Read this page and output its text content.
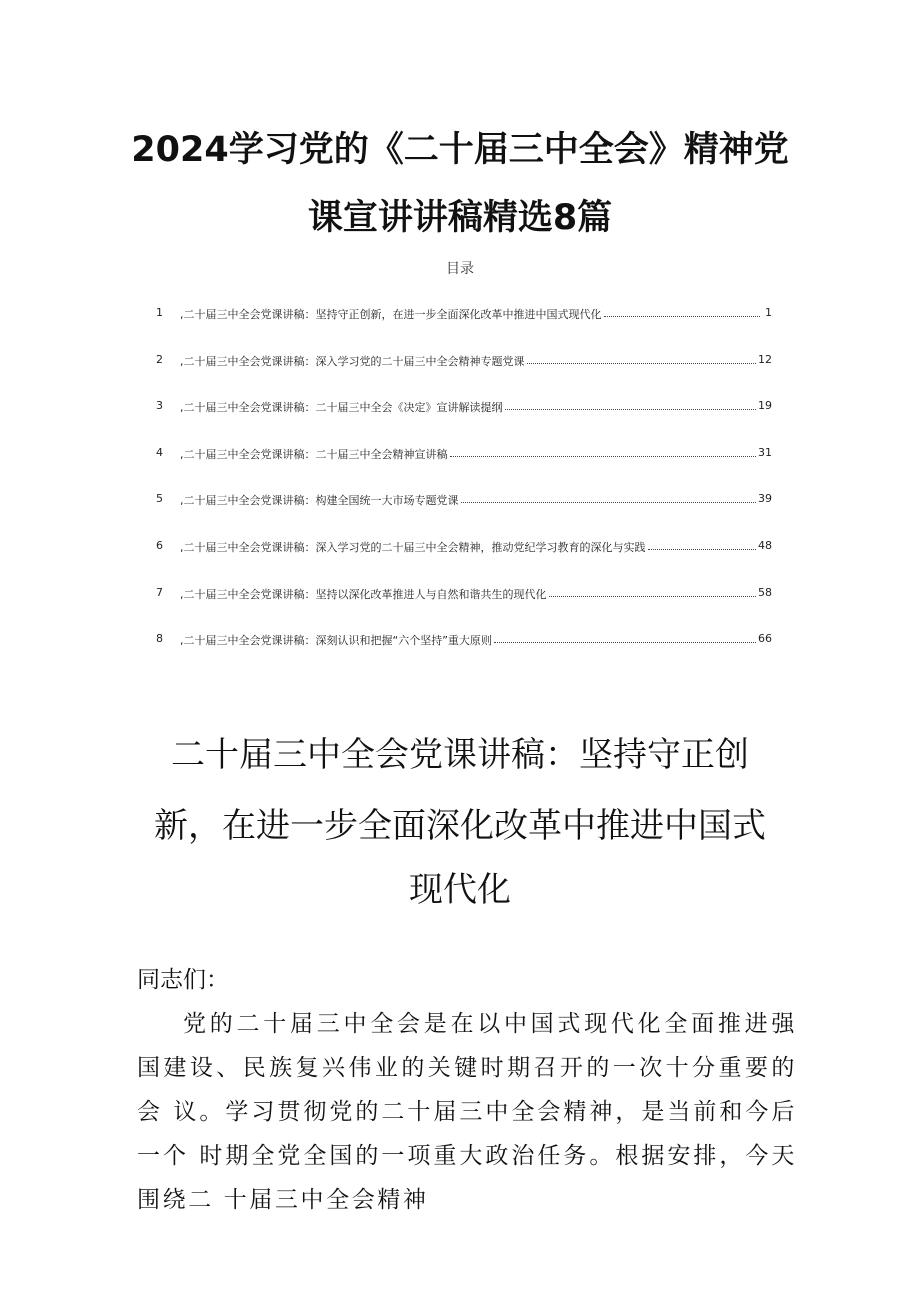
2024学习党的《二十届三中全会》精神党
课宣讲讲稿精选8篇
目录
1	,二十届三中全会党课讲稿：坚持守正创新，在进一步全面深化改革中推进中国式现代化	1
2	,二十届三中全会党课讲稿：深入学习党的二十届三中全会精神专题党课	12
3	,二十届三中全会党课讲稿：二十届三中全会《决定》宣讲解读提纲	19
4	,二十届三中全会党课讲稿：二十届三中全会精神宣讲稿	31
5	,二十届三中全会党课讲稿：构建全国统一大市场专题党课	39
6	,二十届三中全会党课讲稿：深入学习党的二十届三中全会精神，推动党纪学习教育的深化与实践	48
7	,二十届三中全会党课讲稿：坚持以深化改革推进人与自然和谐共生的现代化	58
8	,二十届三中全会党课讲稿：深刻认识和把握“六个坚持”重大原则	66
二十届三中全会党课讲稿：坚持守正创
新，在进一步全面深化改革中推进中国式
现代化
同志们：
党的二十届三中全会是在以中国式现代化全面推进强　国建设、民族复兴伟业的关键时期召开的一次十分重要的会 议。学习贯彻党的二十届三中全会精神，是当前和今后一个 时期全党全国的一项重大政治任务。根据安排，今天围绕二 十届三中全会精神
